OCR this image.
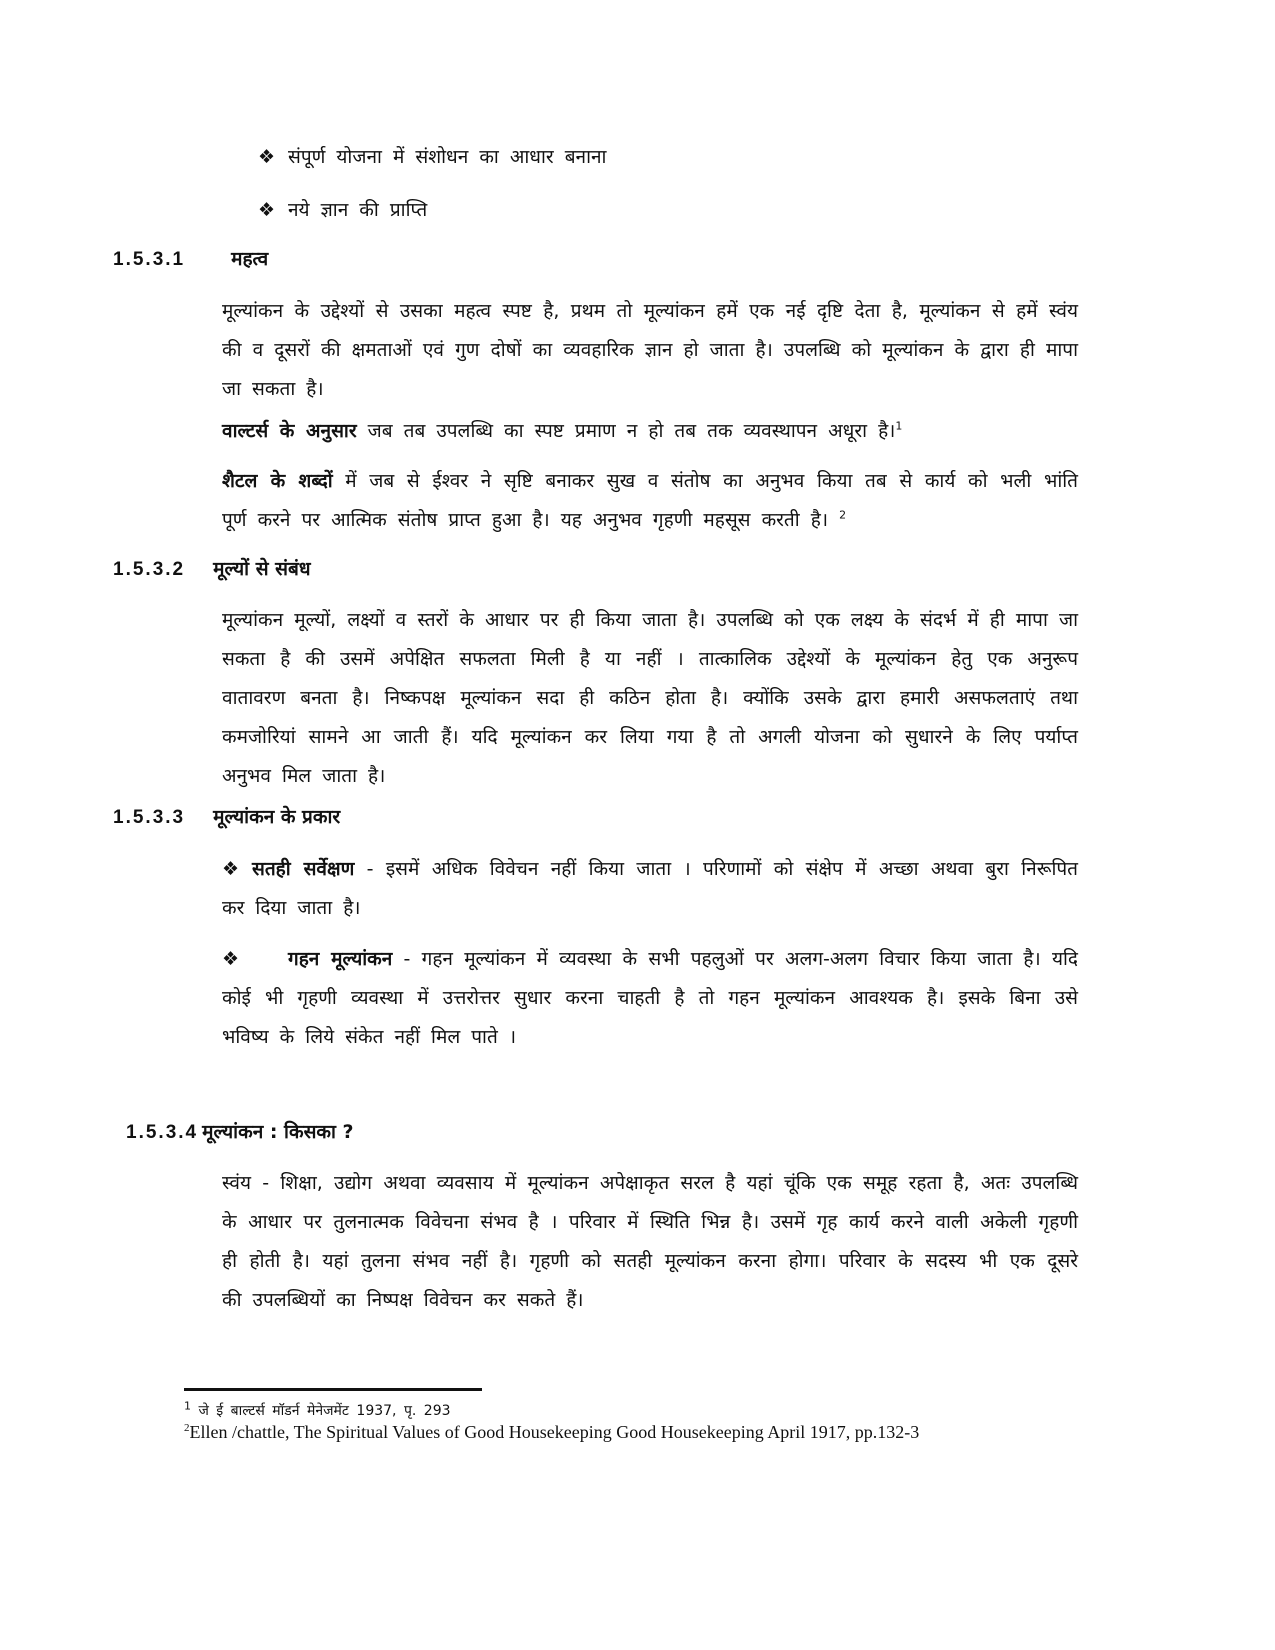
❖ संपूर्ण योजना में संशोधन का आधार बनाना
❖ नये ज्ञान की प्राप्ति
1.5.3.1 महत्व

मूल्यांकन के उद्देश्यों से उसका महत्व स्पष्ट है, प्रथम तो मूल्यांकन हमें एक नई दृष्टि देता है, मूल्यांकन से हमें स्वंय की व दूसरों की क्षमताओं एवं गुण दोषों का व्यवहारिक ज्ञान हो जाता है। उपलब्धि को मूल्यांकन के द्वारा ही मापा जा सकता है।

वाल्टर्स के अनुसार जब तब उपलब्धि का स्पष्ट प्रमाण न हो तब तक व्यवस्थापन अधूरा है।$^1$

शैटल के शब्दों में जब से ईश्वर ने सृष्टि बनाकर सुख व संतोष का अनुभव किया तब से कार्य को भली भांति पूर्ण करने पर आत्मिक संतोष प्राप्त हुआ है। यह अनुभव गृहणी महसूस करती है। $^2$

1.5.3.2 मूल्यों से संबंध

मूल्यांकन मूल्यों, लक्ष्यों व स्तरों के आधार पर ही किया जाता है। उपलब्धि को एक लक्ष्य के संदर्भ में ही मापा जा सकता है की उसमें अपेक्षित सफलता मिली है या नहीं । तात्कालिक उद्देश्यों के मूल्यांकन हेतु एक अनुरूप वातावरण बनता है। निष्कपक्ष मूल्यांकन सदा ही कठिन होता है। क्योंकि उसके द्वारा हमारी असफलताएं तथा कमजोरियां सामने आ जाती हैं। यदि मूल्यांकन कर लिया गया है तो अगली योजना को सुधारने के लिए पर्याप्त अनुभव मिल जाता है।

1.5.3.3 मूल्यांकन के प्रकार
❖ सतही सर्वेक्षण - इसमें अधिक विवेचन नहीं किया जाता । परिणामों को संक्षेप में अच्छा अथवा बुरा निरूपित कर दिया जाता है।
❖	गहन मूल्यांकन - गहन मूल्यांकन में व्यवस्था के सभी पहलुओं पर अलग-अलग विचार किया जाता है। यदि कोई भी गृहणी व्यवस्था में उत्तरोत्तर सुधार करना चाहती है तो गहन मूल्यांकन आवश्यक है। इसके बिना उसे भविष्य के लिये संकेत नहीं मिल पाते ।
1.5.3.4 मूल्यांकन : किसका ?

स्वंय - शिक्षा, उद्योग अथवा व्यवसाय में मूल्यांकन अपेक्षाकृत सरल है यहां चूंकि एक समूह रहता है, अतः उपलब्धि के आधार पर तुलनात्मक विवेचना संभव है । परिवार में स्थिति भिन्न है। उसमें गृह कार्य करने वाली अकेली गृहणी ही होती है। यहां तुलना संभव नहीं है। गृहणी को सतही मूल्यांकन करना होगा। परिवार के सदस्य भी एक दूसरे की उपलब्धियों का निष्पक्ष विवेचन कर सकते हैं।

$^1$ जे ई बाल्टर्स मॉडर्न मेनेजमेंट 1937, पृ. 293
$^2$Ellen /chattle, The Spiritual Values of Good Housekeeping Good Housekeeping April 1917, pp.132-3
